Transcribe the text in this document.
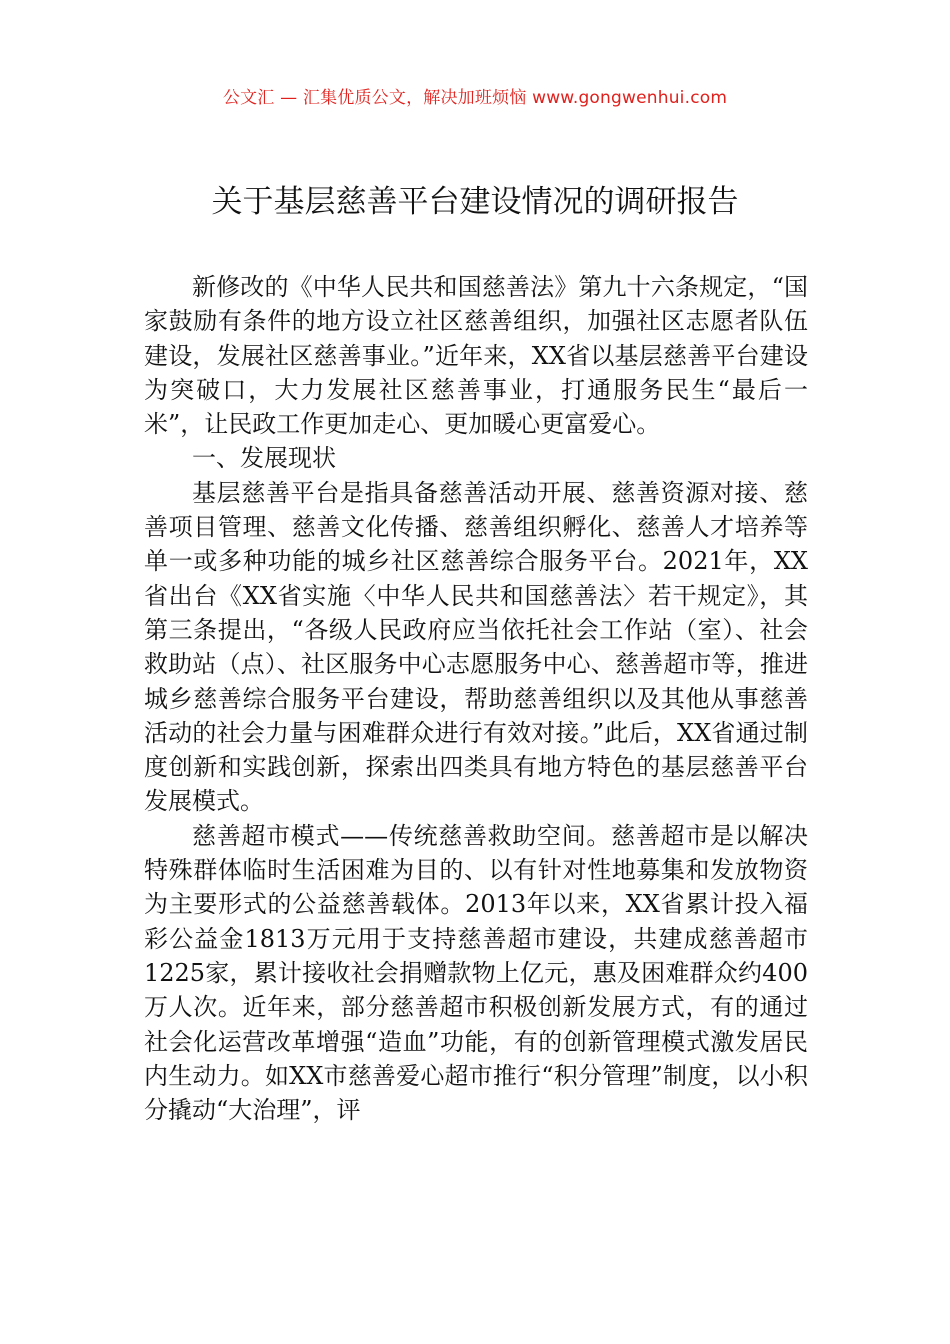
公文汇 — 汇集优质公文，解决加班烦恼 www.gongwenhui.com
关于基层慈善平台建设情况的调研报告

新修改的《中华人民共和国慈善法》第九十六条规定，“国家鼓励有条件的地方设立社区慈善组织，加强社区志愿者队伍建设，发展社区慈善事业。”近年来，XX省以基层慈善平台建设为突破口，大力发展社区慈善事业，打通服务民生“最后一米”，让民政工作更加走心、更加暖心更富爱心。

一、发展现状

基层慈善平台是指具备慈善活动开展、慈善资源对接、慈善项目管理、慈善文化传播、慈善组织孵化、慈善人才培养等单一或多种功能的城乡社区慈善综合服务平台。2021年，XX省出台《XX省实施〈中华人民共和国慈善法〉若干规定》，其第三条提出，“各级人民政府应当依托社会工作站（室）、社会救助站（点）、社区服务中心志愿服务中心、慈善超市等，推进城乡慈善综合服务平台建设，帮助慈善组织以及其他从事慈善活动的社会力量与困难群众进行有效对接。”此后，XX省通过制度创新和实践创新，探索出四类具有地方特色的基层慈善平台发展模式。

慈善超市模式——传统慈善救助空间。慈善超市是以解决特殊群体临时生活困难为目的、以有针对性地募集和发放物资为主要形式的公益慈善载体。2013年以来，XX省累计投入福彩公益金1813万元用于支持慈善超市建设，共建成慈善超市1225家，累计接收社会捐赠款物上亿元，惠及困难群众约400万人次。近年来，部分慈善超市积极创新发展方式，有的通过社会化运营改革增强“造血”功能，有的创新管理模式激发居民内生动力。如XX市慈善爱心超市推行“积分管理”制度，以小积分撬动“大治理”，评
